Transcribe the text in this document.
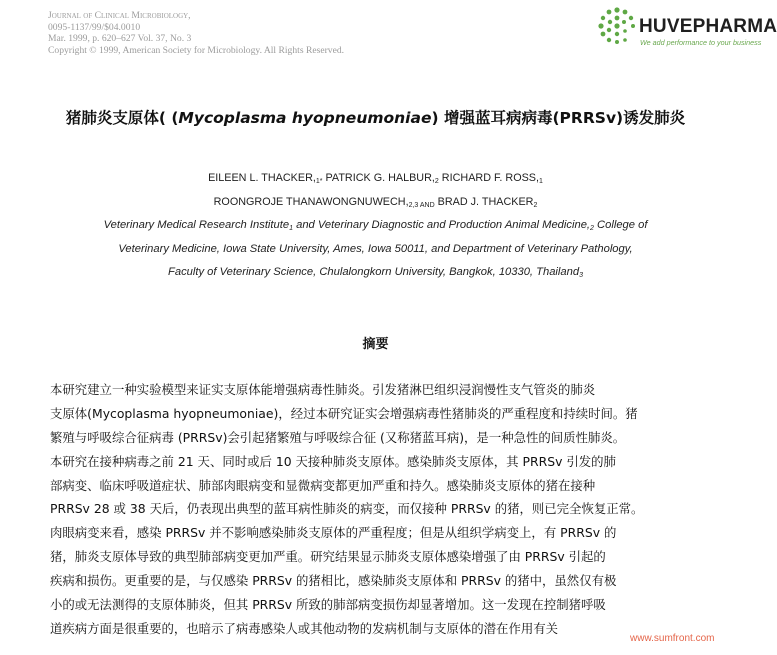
Journal of Clinical Microbiology,
0095-1137/99/$04.0010
Mar. 1999, p. 620–627 Vol. 37, No. 3
Copyright © 1999, American Society for Microbiology. All Rights Reserved.
HUVEPHARMA
We add performance to your business
猪肺炎支原体( (Mycoplasma hyopneumoniae) 增强蓝耳病病毒(PRRSv)诱发肺炎
EILEEN L. $THACKER,_{1*}$ PATRICK G. $HALBUR,_2$ RICHARD F. $ROSS,_1$
ROONGROJE $THANAWONGNUWECH,_{2,3 AND}$ BRAD J. $THACKER_2$
Veterinary Medical Research Institute$_1$ and Veterinary Diagnostic and Production Animal $Medicine,_2$ College of
Veterinary Medicine, Iowa State University, Ames, Iowa 50011, and Department of Veterinary Pathology,
Faculty of Veterinary Science, Chulalongkorn University, Bangkok, 10330, Thailand$_3$
摘要
本研究建立一种实验模型来证实支原体能增强病毒性肺炎。引发猪淋巴组织浸润慢性支气管炎的肺炎
支原体(Mycoplasma hyopneumoniae)，经过本研究证实会增强病毒性猪肺炎的严重程度和持续时间。猪
繁殖与呼吸综合征病毒 (PRRSv)会引起猪繁殖与呼吸综合征 (又称猪蓝耳病)，是一种急性的间质性肺炎。
本研究在接种病毒之前 21 天、同时或后 10 天接种肺炎支原体。感染肺炎支原体，其 PRRSv 引发的肺
部病变、临床呼吸道症状、肺部肉眼病变和显微病变都更加严重和持久。感染肺炎支原体的猪在接种
PRRSv 28 或 38 天后，仍表现出典型的蓝耳病性肺炎的病变，而仅接种 PRRSv 的猪，则已完全恢复正常。
肉眼病变来看，感染 PRRSv 并不影响感染肺炎支原体的严重程度；但是从组织学病变上，有 PRRSv 的
猪，肺炎支原体导致的典型肺部病变更加严重。研究结果显示肺炎支原体感染增强了由 PRRSv 引起的
疾病和损伤。更重要的是，与仅感染 PRRSv 的猪相比，感染肺炎支原体和 PRRSv 的猪中，虽然仅有极
小的或无法测得的支原体肺炎，但其 PRRSv 所致的肺部病变损伤却显著增加。这一发现在控制猪呼吸
道疾病方面是很重要的，也暗示了病毒感染人或其他动物的发病机制与支原体的潜在作用有关
www.sumfront.com
